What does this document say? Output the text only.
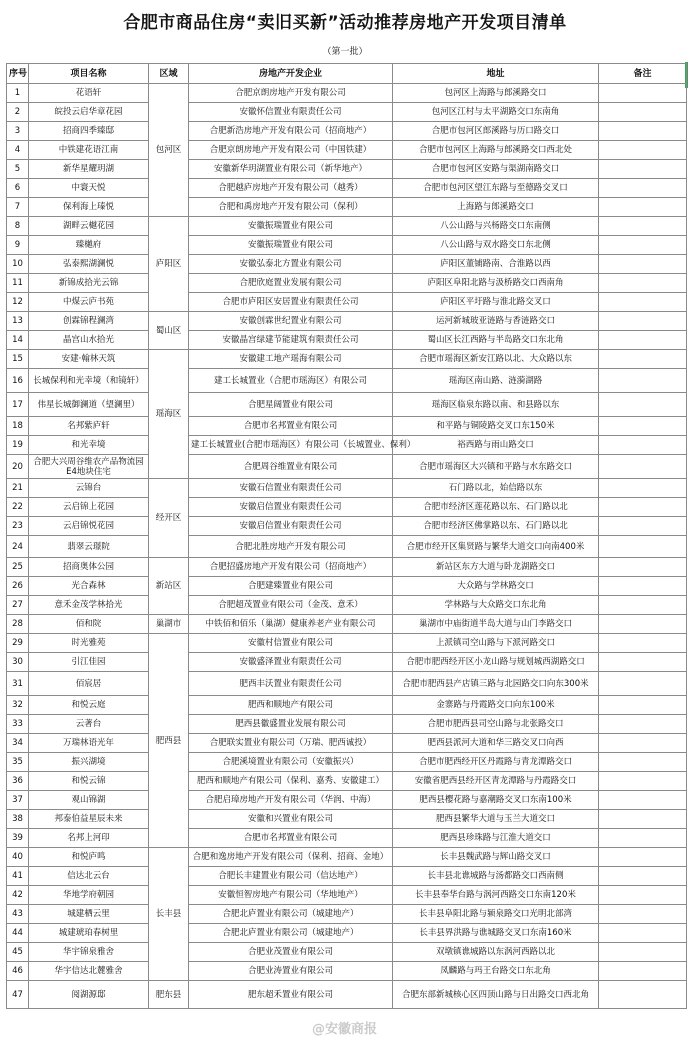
合肥市商品住房“卖旧买新”活动推荐房地产开发项目清单
（第一批）
序号	项目名称	区域	房地产开发企业	地址	备注
1	花语轩	包河区	合肥京朗房地产开发有限公司	包河区上海路与郎溪路交口	
2	皖投云启华章花园		安徽怀信置业有限责任公司	包河区江村与太平湖路交口东南角	
3	招商四季臻邸		合肥新浩房地产开发有限公司（招商地产）	合肥市包河区郎溪路与历口路交口	
4	中铁建花语江南		合肥京朗房地产开发有限公司（中国铁建）	合肥市包河区上海路与郎溪路交口西北处	
5	新华星耀玥湖		安徽新华玥湖置业有限公司（新华地产）	合肥市包河区安路与渠湖南路交口	
6	中寰天悦		合肥越庐房地产开发有限公司（越秀）	合肥市包河区望江东路与至德路交叉口	
7	保利海上瑧悦		合肥和禹房地产开发有限公司（保利）	上海路与郎溪路交口	
8	湖畔云樾花园	庐阳区	安徽振瑞置业有限公司	八公山路与兴杨路交口东南侧	
9	臻樾府		安徽振瑞置业有限公司	八公山路与双水路交口东北侧	
10	弘泰熙湖澜悦		安徽弘泰北方置业有限公司	庐阳区董铺路南、合淮路以西	
11	新锦成拾光云锦		合肥欣庭置业发展有限公司	庐阳区阜阳北路与汲桥路交口西南角	
12	中煤云庐书苑		合肥市庐阳区安居置业有限责任公司	庐阳区平圩路与淮北路交叉口	
13	创霖锦程澜湾	蜀山区	安徽创霖世纪置业有限公司	运河新城玻亚涟路与香涟路交口	
14	晶宫山水拾光		安徽晶宫绿建节能建筑有限责任公司	蜀山区长江西路与半岛路交口东北角	
15	安建·翰林天筑	瑶海区	安徽建工地产瑶海有限公司	合肥市瑶海区新安江路以北、大众路以东	
16	长城保利和光幸境（和镜轩）		建工长城置业（合肥市瑶海区）有限公司	瑶海区南山路、涟漪湖路	
17	伟星长城御澜道（望澜里）		合肥星阔置业有限公司	瑶海区临泉东路以南、和县路以东	
18	名邦紫庐轩		合肥市名邦置业有限公司	和平路与铜陵路交叉口东150米	
19	和光幸境		建工长城置业(合肥市瑶海区）有限公司（长城置业、保利）	裕西路与雨山路交口	
20	合肥大兴周谷维农产品物流园E4地块住宅		合肥周谷维置业有限公司	合肥市瑶海区大兴镇和平路与水东路交口	
21	云锦台	经开区	安徽石信置业有限责任公司	石门路以北，始信路以东	
22	云启锦上花园		安徽启信置业有限责任公司	合肥市经济区莲花路以东、石门路以北	
23	云启锦悦花园		安徽启信置业有限责任公司	合肥市经济区佛掌路以东、石门路以北	
24	翡翠云璟院		合肥北胜房地产开发有限公司	合肥市经开区集贤路与繁华大道交口向南400米	
25	招商奥体公园	新站区	合肥招盛房地产开发有限公司（招商地产）	新站区东方大道与卧龙湖路交口	
26	光合森林		合肥建臻置业有限公司	大众路与学林路交口	
27	意禾金茂学林拾光		合肥超茂置业有限公司（金茂、意禾）	学林路与大众路交口东北角	
28	佰和院	巢湖市	中铁佰和佰乐（巢湖）健康养老产业有限公司	巢湖市中庙街道半岛大道与山门李路交口	
29	时光雅苑	肥西县	安徽村信置业有限公司	上派镇司空山路与下派河路交口	
30	引江佳园		安徽盛泽置业有限责任公司	合肥市肥西经开区小龙山路与规划城西湖路交口	
31	佰宸居		肥西丰沃置业有限责任公司	合肥市肥西县产店镇三路与北园路交口向东300米	
32	和悦云庭		肥西和顺地产有限公司	金寨路与丹霞路交口向东100米	
33	云著台		肥西县徽盛置业发展有限公司	合肥市肥西县司空山路与北张路交口	
34	万瑞林语光年		合肥联实置业有限公司（万瑞、肥西诚投）	肥西县派河大道和华三路交叉口向西	
35	振兴湖境		合肥溪境置业有限公司（安徽振兴）	合肥市肥西经开区丹霞路与青龙潭路交口	
36	和悦云锦		肥西和顺地产有限公司（保利、嘉秀、安徽建工）	安徽省肥西县经开区青龙潭路与丹霞路交口	
37	观山锦湖		合肥启璋房地产开发有限公司（华润、中海）	肥西县樱花路与嘉潮路交叉口东南100米	
38	邦泰伯益星辰未来		安徽和兴置业有限公司	肥西县繁华大道与玉兰大道交口	
39	名邦上河印		合肥市名邦置业有限公司	肥西县珍珠路与江淮大道交口	
40	和悦庐鸣	长丰县	合肥和逸房地产开发有限公司（保利、招商、金地）	长丰县魏武路与辉山路交叉口	
41	信达北云台		合肥长丰建置业有限公司（信达地产）	长丰县北谯城路与汤都路交口西南侧	
42	华地学府朝园		安徽恒智房地产有限公司（华地地产）	长丰县奉华台路与涡河西路交口东南120米	
43	城建栖云里		合肥北庐置业有限公司（城建地产）	长丰县阜阳北路与颍泉路交口光明北部湾	
44	城建琥珀春树里		合肥北庐置业有限公司（城建地产）	长丰县界洪路与谯城路交叉口东南160米	
45	华宇锦泉雅舍		合肥业茂置业有限公司	双墩镇谯城路以东涡河西路以北	
46	华宇信达北麓雅舍		合肥业涛置业有限公司	凤麟路与玛王台路交口东北角	
47	阅湖源邸	肥东县	肥东超禾置业有限公司	合肥东部新城核心区四顶山路与日出路交口西北角	
@安徽商报
